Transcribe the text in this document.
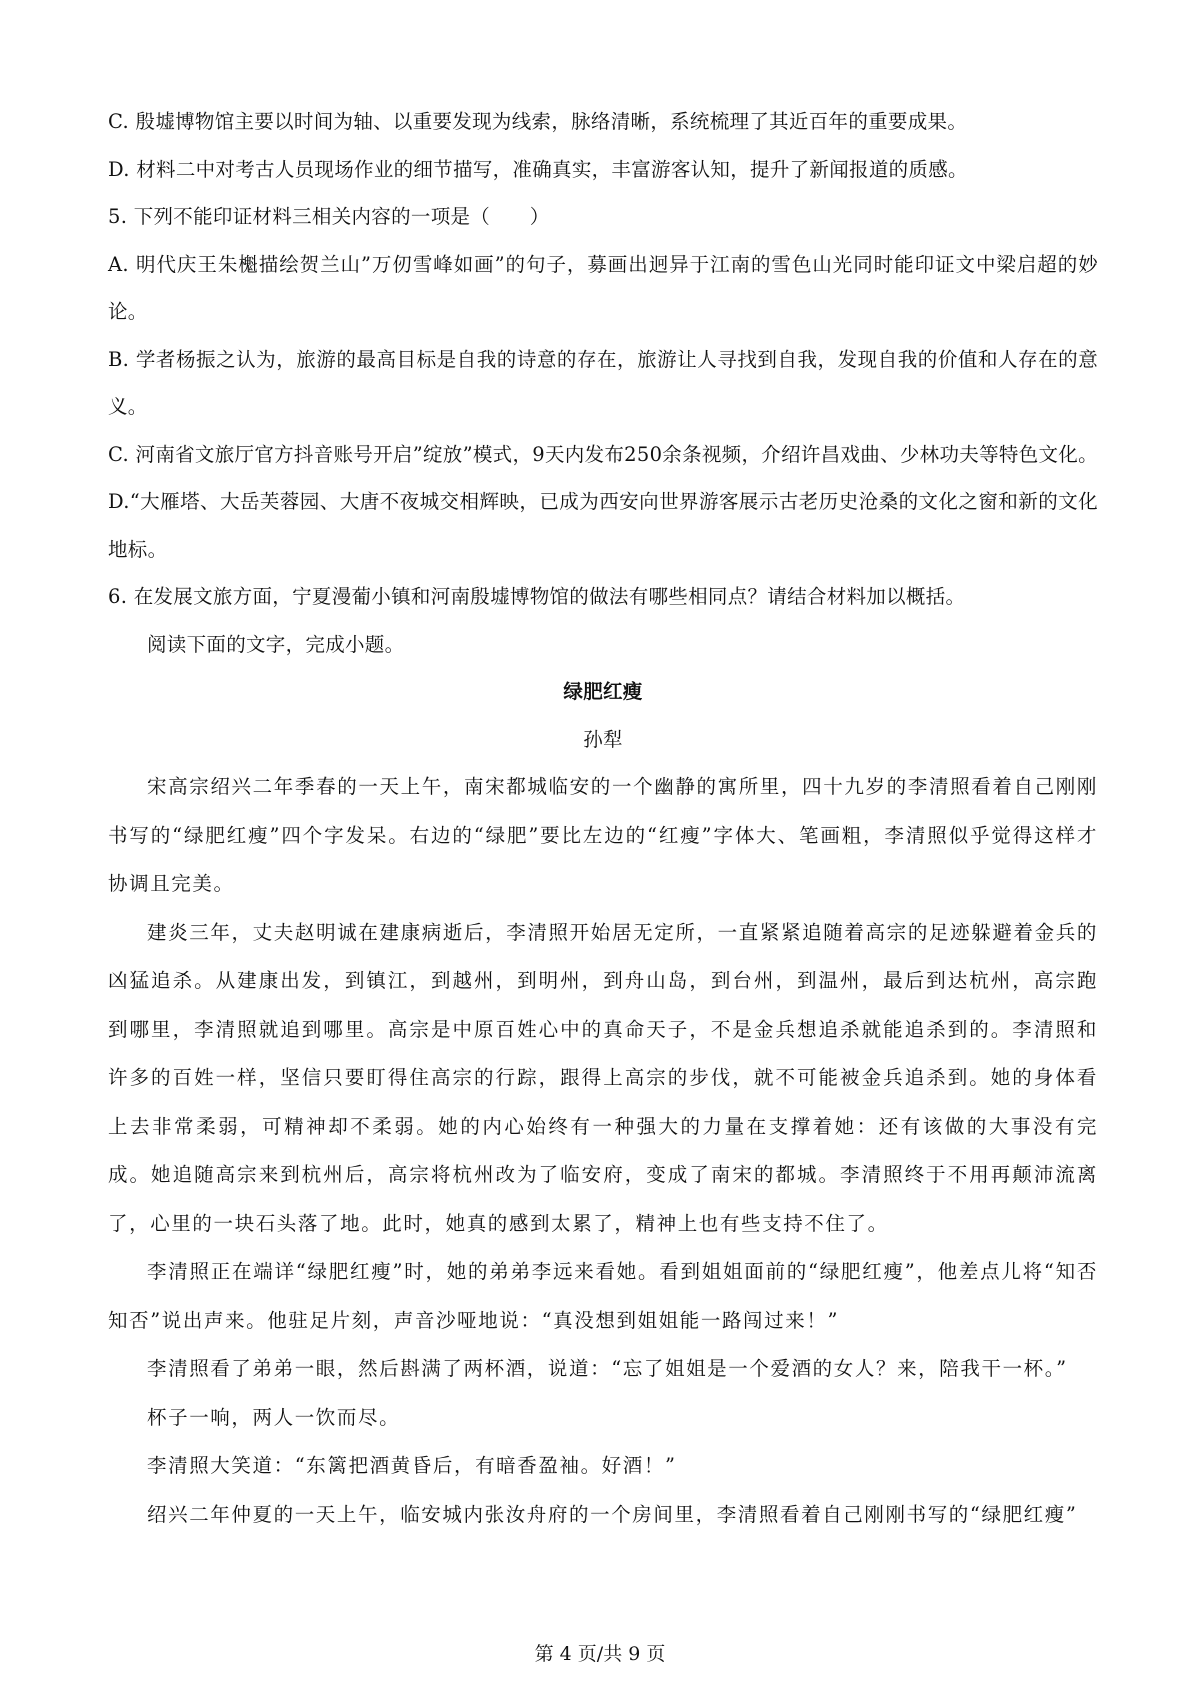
C. 殷墟博物馆主要以时间为轴、以重要发现为线索，脉络清晰，系统梳理了其近百年的重要成果。

D. 材料二中对考古人员现场作业的细节描写，准确真实，丰富游客认知，提升了新闻报道的质感。

5. 下列不能印证材料三相关内容的一项是（　　）

A. 明代庆王朱櫆描绘贺兰山”万仞雪峰如画”的句子，募画出迥异于江南的雪色山光同时能印证文中梁启超的妙论。

B. 学者杨振之认为，旅游的最高目标是自我的诗意的存在，旅游让人寻找到自我，发现自我的价值和人存在的意义。

C. 河南省文旅厅官方抖音账号开启”绽放”模式，9天内发布250余条视频，介绍许昌戏曲、少林功夫等特色文化。

D.“大雁塔、大岳芙蓉园、大唐不夜城交相辉映，已成为西安向世界游客展示古老历史沧桑的文化之窗和新的文化地标。

6. 在发展文旅方面，宁夏漫葡小镇和河南殷墟博物馆的做法有哪些相同点？请结合材料加以概括。

阅读下面的文字，完成小题。

绿肥红瘦

孙犁

宋高宗绍兴二年季春的一天上午，南宋都城临安的一个幽静的寓所里，四十九岁的李清照看着自己刚刚书写的“绿肥红瘦”四个字发呆。右边的“绿肥”要比左边的“红瘦”字体大、笔画粗，李清照似乎觉得这样才协调且完美。

建炎三年，丈夫赵明诚在建康病逝后，李清照开始居无定所，一直紧紧追随着高宗的足迹躲避着金兵的凶猛追杀。从建康出发，到镇江，到越州，到明州，到舟山岛，到台州，到温州，最后到达杭州，高宗跑到哪里，李清照就追到哪里。高宗是中原百姓心中的真命天子，不是金兵想追杀就能追杀到的。李清照和许多的百姓一样，坚信只要盯得住高宗的行踪，跟得上高宗的步伐，就不可能被金兵追杀到。她的身体看上去非常柔弱，可精神却不柔弱。她的内心始终有一种强大的力量在支撑着她：还有该做的大事没有完成。她追随高宗来到杭州后，高宗将杭州改为了临安府，变成了南宋的都城。李清照终于不用再颠沛流离了，心里的一块石头落了地。此时，她真的感到太累了，精神上也有些支持不住了。

李清照正在端详“绿肥红瘦”时，她的弟弟李远来看她。看到姐姐面前的“绿肥红瘦”，他差点儿将“知否知否”说出声来。他驻足片刻，声音沙哑地说：“真没想到姐姐能一路闯过来！”

李清照看了弟弟一眼，然后斟满了两杯酒，说道：“忘了姐姐是一个爱酒的女人？来，陪我干一杯。”

杯子一响，两人一饮而尽。

李清照大笑道：“东篱把酒黄昏后，有暗香盈袖。好酒！”

绍兴二年仲夏的一天上午，临安城内张汝舟府的一个房间里，李清照看着自己刚刚书写的“绿肥红瘦”

第 4 页/共 9 页
